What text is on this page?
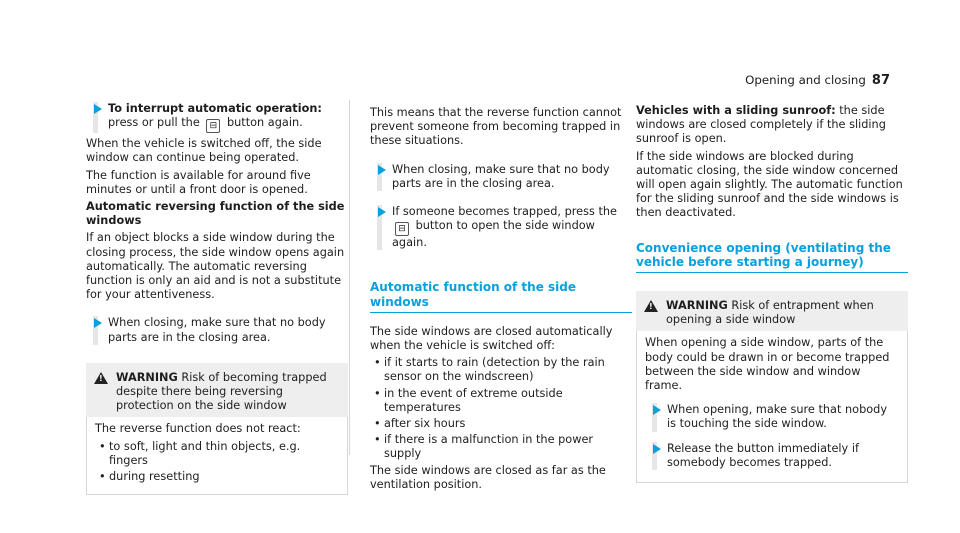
Opening and closing 87

To interrupt automatic operation: press or pull the ⊟ button again.

When the vehicle is switched off, the side window can continue being operated.

The function is available for around five minutes or until a front door is opened.

Automatic reversing function of the side windows

If an object blocks a side window during the closing process, the side window opens again automatically. The automatic reversing function is only an aid and is not a substitute for your attentiveness.

When closing, make sure that no body parts are in the closing area.

! WARNING Risk of becoming trapped despite there being reversing protection on the side window

The reverse function does not react:

• to soft, light and thin objects, e.g. fingers
• during resetting

This means that the reverse function cannot prevent someone from becoming trapped in these situations.

When closing, make sure that no body parts are in the closing area.

If someone becomes trapped, press the ⊟ button to open the side window again.

Automatic function of the side windows

The side windows are closed automatically when the vehicle is switched off:

• if it starts to rain (detection by the rain sensor on the windscreen)
• in the event of extreme outside temperatures
• after six hours
• if there is a malfunction in the power supply

The side windows are closed as far as the ventilation position.

Vehicles with a sliding sunroof: the side windows are closed completely if the sliding sunroof is open.

If the side windows are blocked during automatic closing, the side window concerned will open again slightly. The automatic function for the sliding sunroof and the side windows is then deactivated.

Convenience opening (ventilating the vehicle before starting a journey)
! WARNING Risk of entrapment when opening a side window

When opening a side window, parts of the body could be drawn in or become trapped between the side window and window frame.

When opening, make sure that nobody is touching the side window.

Release the button immediately if somebody becomes trapped.
